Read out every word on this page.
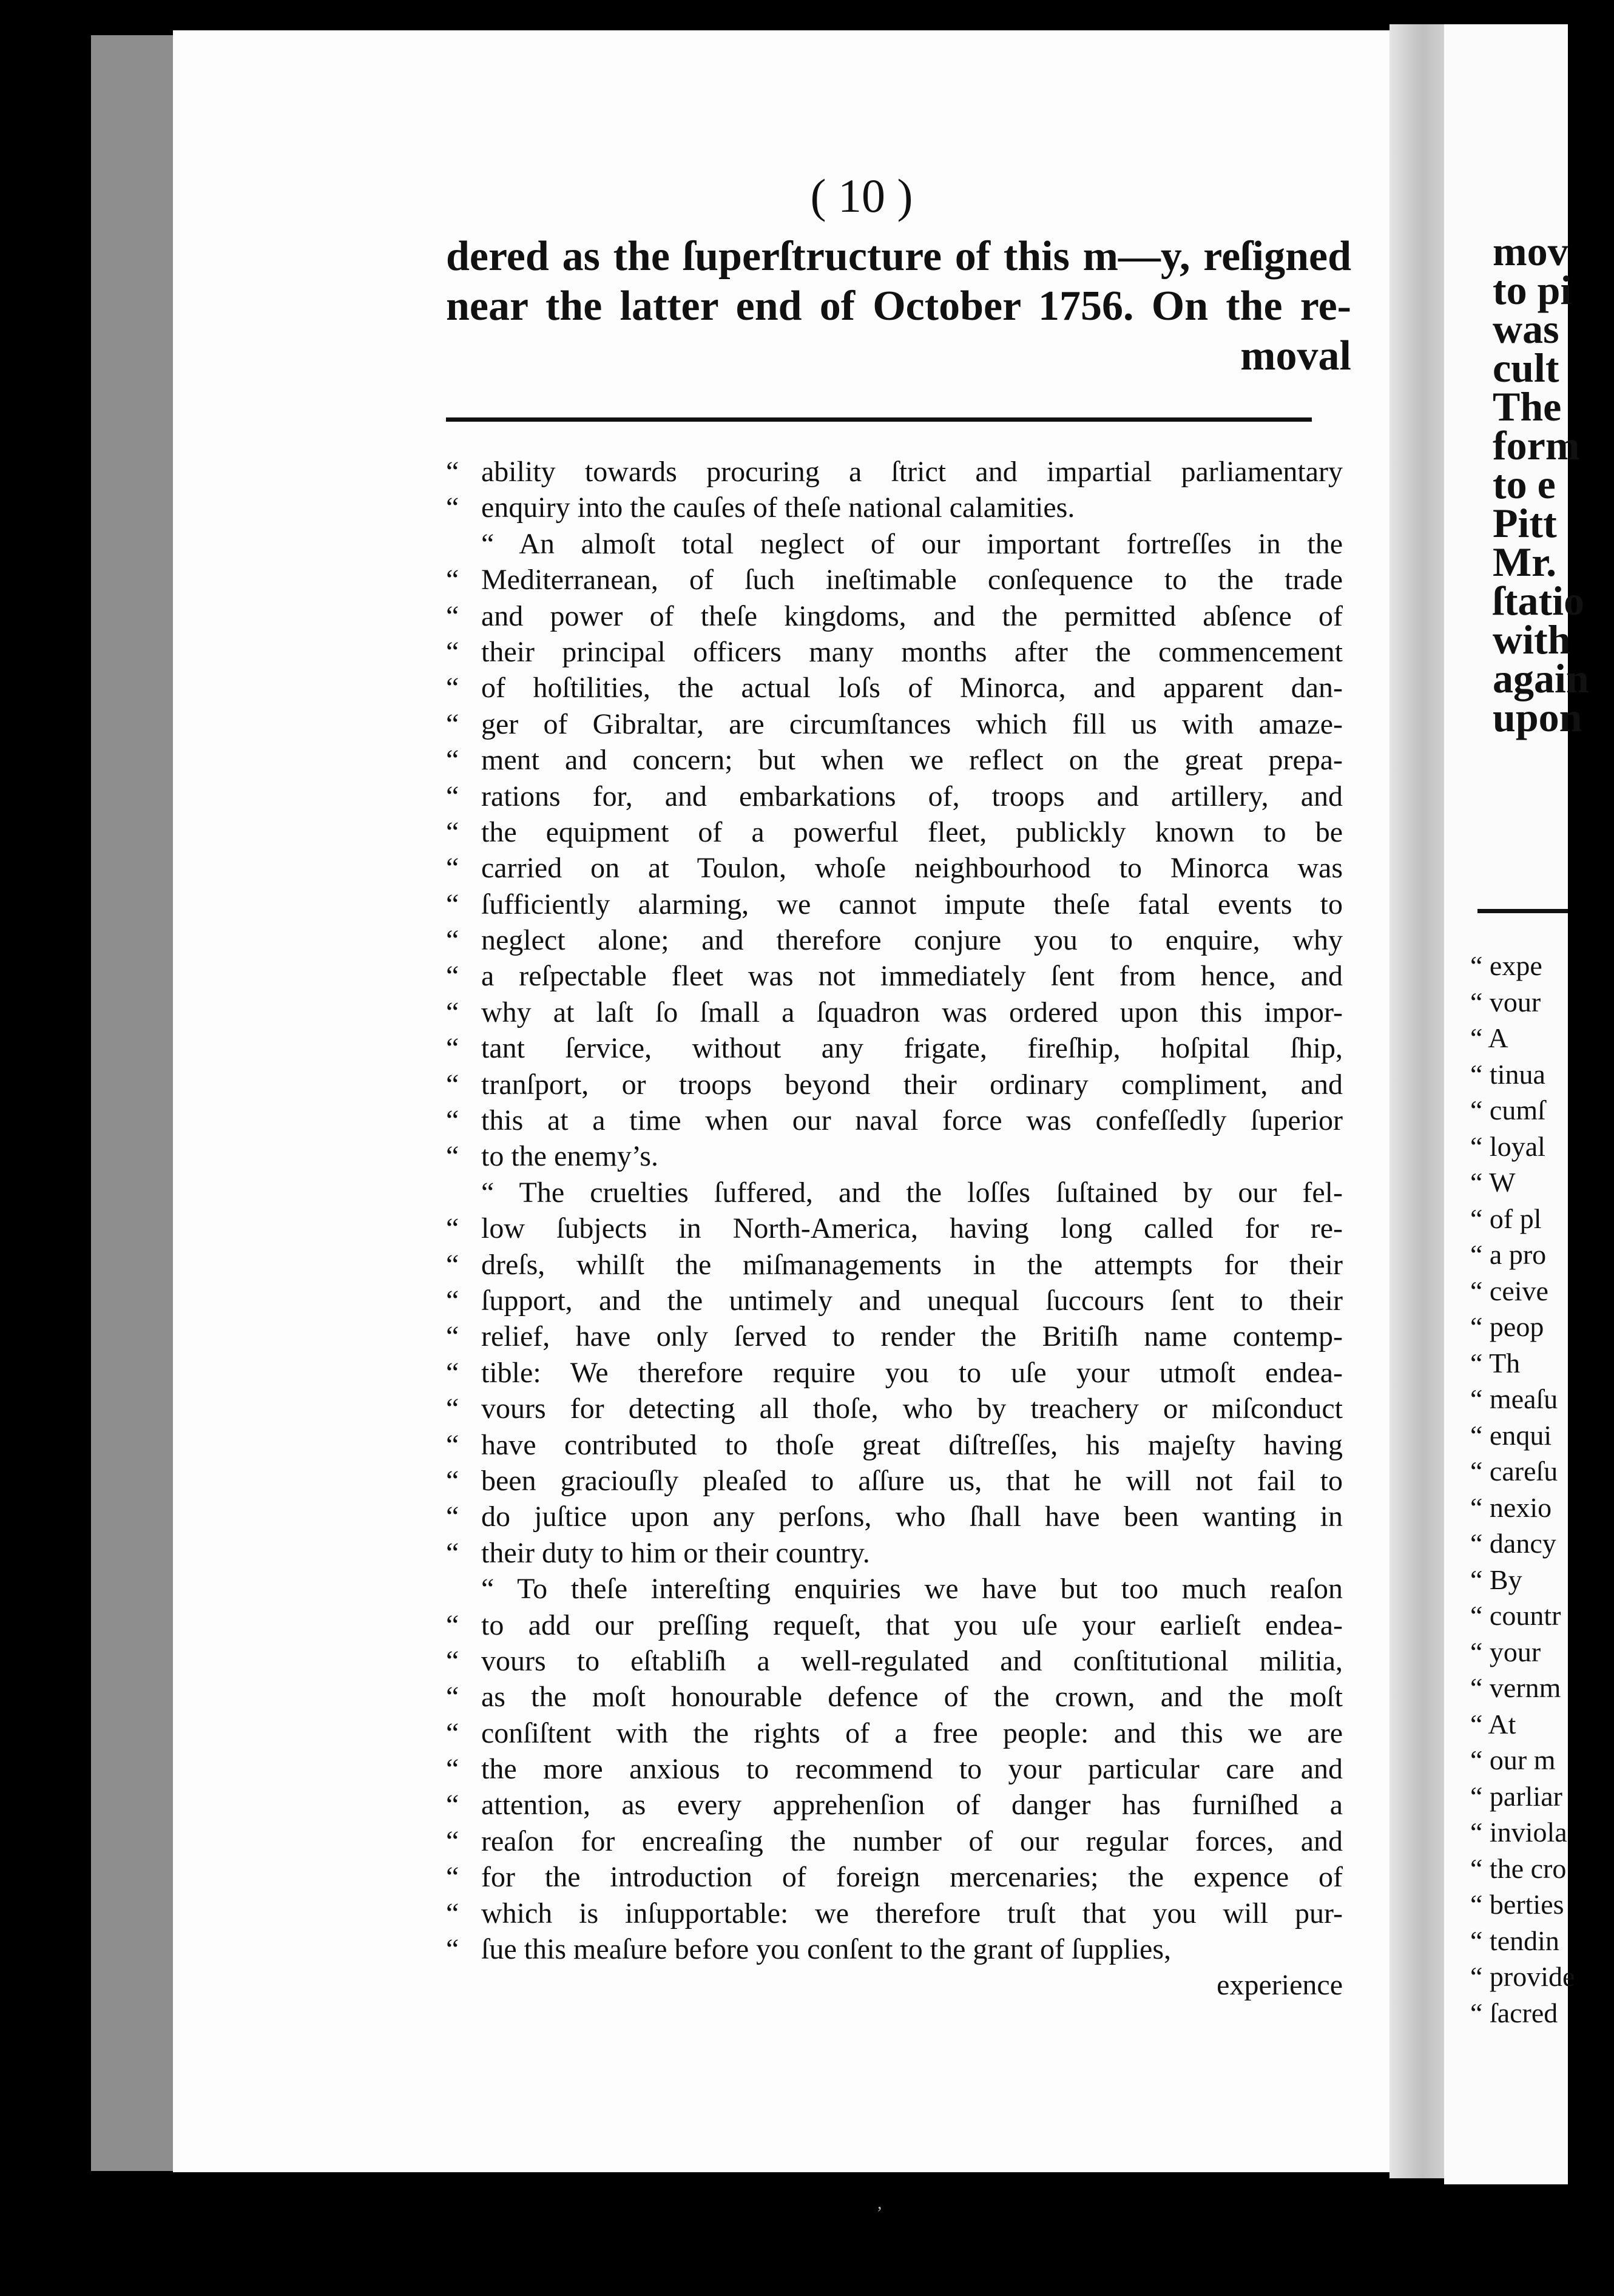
( 10 )
dered as the ſuperſtructure of this m—y, reſigned
near the latter end of October 1756. On the re-
moval
“ ability towards procuring a ſtrict and impartial parliamentary
“ enquiry into the cauſes of theſe national calamities.
“ An almoſt total neglect of our important fortreſſes in the
“ Mediterranean, of ſuch ineſtimable conſequence to the trade
“ and power of theſe kingdoms, and the permitted abſence of
“ their principal officers many months after the commencement
“ of hoſtilities, the actual loſs of Minorca, and apparent dan-
“ ger of Gibraltar, are circumſtances which fill us with amaze-
“ ment and concern; but when we reflect on the great prepa-
“ rations for, and embarkations of, troops and artillery, and
“ the equipment of a powerful fleet, publickly known to be
“ carried on at Toulon, whoſe neighbourhood to Minorca was
“ ſufficiently alarming, we cannot impute theſe fatal events to
“ neglect alone; and therefore conjure you to enquire, why
“ a reſpectable fleet was not immediately ſent from hence, and
“ why at laſt ſo ſmall a ſquadron was ordered upon this impor-
“ tant ſervice, without any frigate, fireſhip, hoſpital ſhip,
“ tranſport, or troops beyond their ordinary compliment, and
“ this at a time when our naval force was confeſſedly ſuperior
“ to the enemy’s.
“ The cruelties ſuffered, and the loſſes ſuſtained by our fel-
“ low ſubjects in North-America, having long called for re-
“ dreſs, whilſt the miſmanagements in the attempts for their
“ ſupport, and the untimely and unequal ſuccours ſent to their
“ relief, have only ſerved to render the Britiſh name contemp-
“ tible: We therefore require you to uſe your utmoſt endea-
“ vours for detecting all thoſe, who by treachery or miſconduct
“ have contributed to thoſe great diſtreſſes, his majeſty having
“ been graciouſly pleaſed to aſſure us, that he will not fail to
“ do juſtice upon any perſons, who ſhall have been wanting in
“ their duty to him or their country.
“ To theſe intereſting enquiries we have but too much reaſon
“ to add our preſſing requeſt, that you uſe your earlieſt endea-
“ vours to eſtabliſh a well-regulated and conſtitutional militia,
“ as the moſt honourable defence of the crown, and the moſt
“ conſiſtent with the rights of a free people: and this we are
“ the more anxious to recommend to your particular care and
“ attention, as every apprehenſion of danger has furniſhed a
“ reaſon for encreaſing the number of our regular forces, and
“ for the introduction of foreign mercenaries; the expence of
“ which is inſupportable: we therefore truſt that you will pur-
“ ſue this meaſure before you conſent to the grant of ſupplies,
experience
mov
to pi
was
cult
The
form
to e
Pitt
Mr.
ſtatio
with
again
upon
“ expe
“ vour
“ A
“ tinua
“ cumſ
“ loyal
“ W
“ of pl
“ a pro
“ ceive
“ peop
“ Th
“ meaſu
“ enqui
“ careſu
“ nexio
“ dancy
“ By
“ countr
“ your
“ vernm
“ At
“ our m
“ parliar
“ inviola
“ the cro
“ berties
“ tendin
“ provide
“ ſacred
,
